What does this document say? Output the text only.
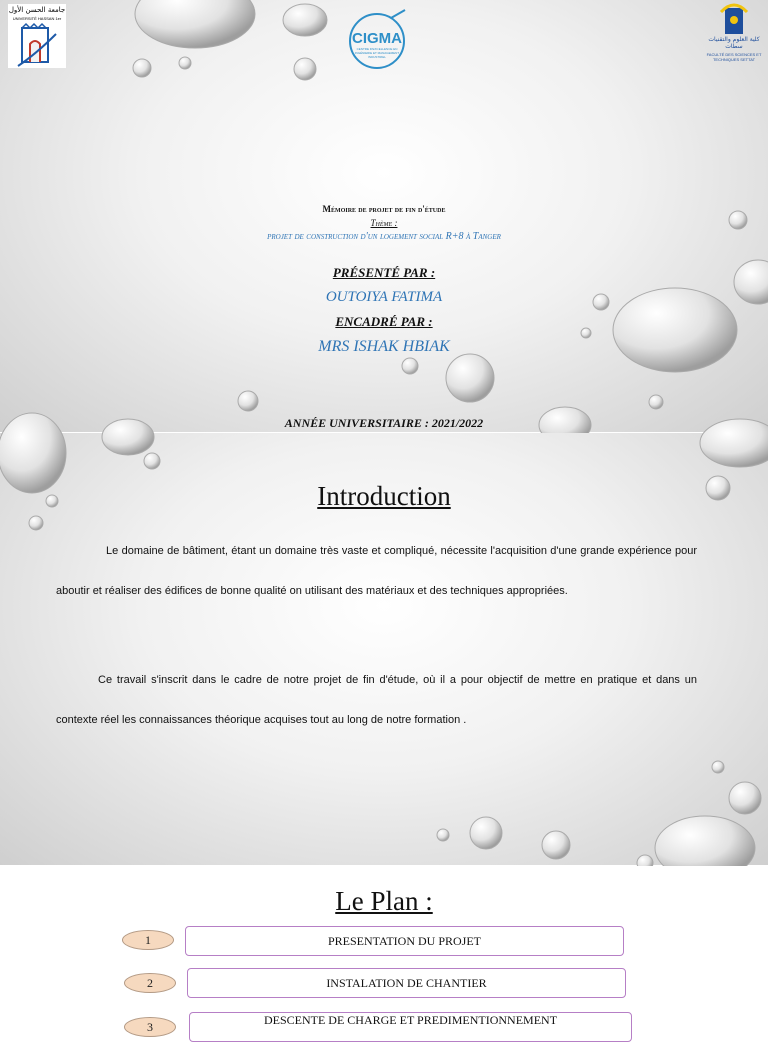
جامعة الحسن الأول
UNIVERSITÉ HASSAN 1er
CIGMA
CENTRE D'EXCELLENCE EN INGÉNIERIE ET MANAGEMENT INDUSTRIEL
كلية العلوم والتقنيات سطات
FACULTÉ DES SCIENCES ET TECHNIQUES SETTAT
Mémoire de projet de fin d'étude
Thème :
projet de construction d'un logement social R+8 à Tanger
PRÉSENTÉ PAR :
OUTOIYA FATIMA
ENCADRÉ PAR :
MRS ISHAK HBIAK
ANNÉE UNIVERSITAIRE : 2021/2022
Introduction

Le domaine de bâtiment, étant un domaine très vaste et compliqué, nécessite l'acquisition d'une grande expérience pour aboutir et réaliser des édifices de bonne qualité on utilisant des matériaux et des techniques appropriées.

Ce travail s'inscrit dans le cadre de notre projet de fin d'étude, où il a pour objectif de mettre en pratique et dans un contexte réel les connaissances théorique acquises tout au long de notre formation .

Le Plan :
1	PRESENTATION DU PROJET
2	INSTALATION DE CHANTIER
3	DESCENTE DE CHARGE ET PREDIMENTIONNEMENT
